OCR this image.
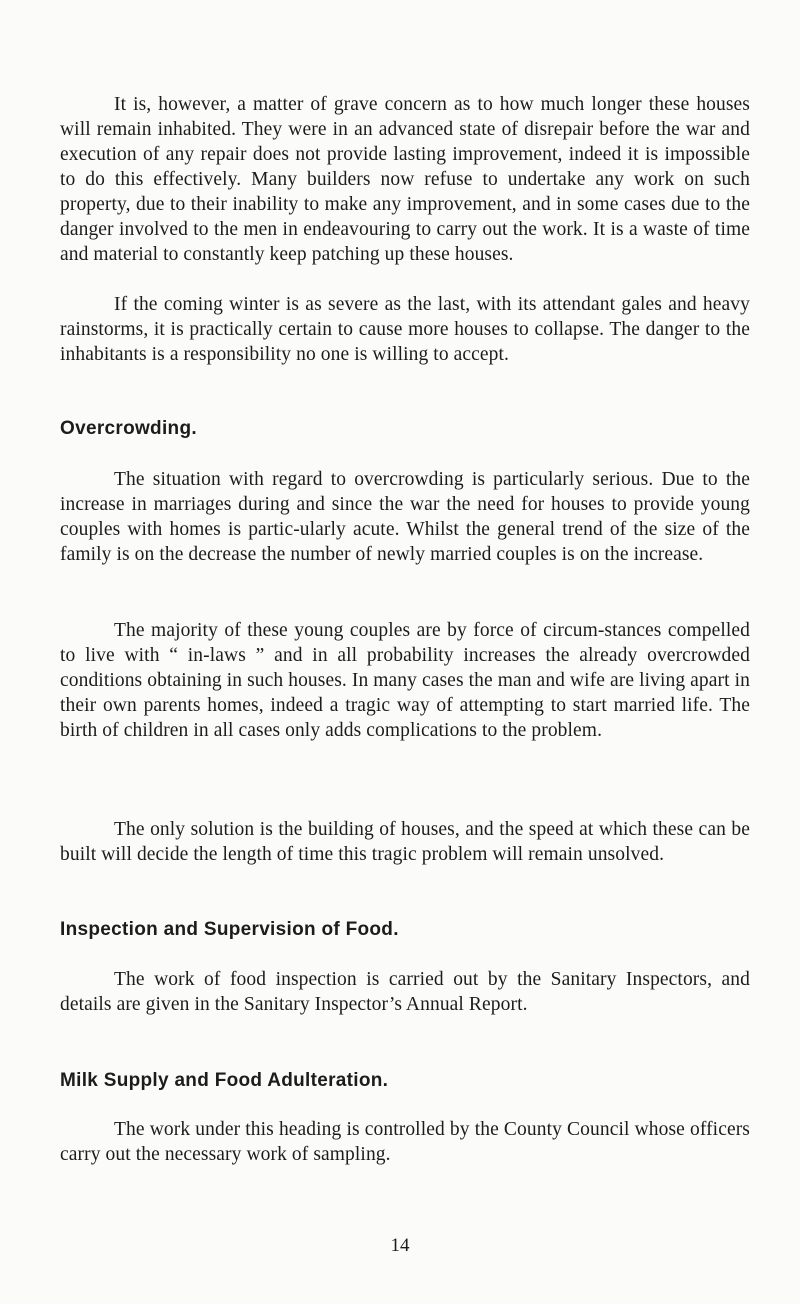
It is, however, a matter of grave concern as to how much longer these houses will remain inhabited. They were in an advanced state of disrepair before the war and execution of any repair does not provide lasting improvement, indeed it is impossible to do this effectively. Many builders now refuse to undertake any work on such property, due to their inability to make any improvement, and in some cases due to the danger involved to the men in endeavouring to carry out the work. It is a waste of time and material to constantly keep patching up these houses.

If the coming winter is as severe as the last, with its attendant gales and heavy rainstorms, it is practically certain to cause more houses to collapse. The danger to the inhabitants is a responsibility no one is willing to accept.

Overcrowding.

The situation with regard to overcrowding is particularly serious. Due to the increase in marriages during and since the war the need for houses to provide young couples with homes is partic-ularly acute. Whilst the general trend of the size of the family is on the decrease the number of newly married couples is on the increase.

The majority of these young couples are by force of circum-stances compelled to live with “ in-laws ” and in all probability increases the already overcrowded conditions obtaining in such houses. In many cases the man and wife are living apart in their own parents homes, indeed a tragic way of attempting to start married life. The birth of children in all cases only adds complications to the problem.

The only solution is the building of houses, and the speed at which these can be built will decide the length of time this tragic problem will remain unsolved.

Inspection and Supervision of Food.

The work of food inspection is carried out by the Sanitary Inspectors, and details are given in the Sanitary Inspector’s Annual Report.

Milk Supply and Food Adulteration.

The work under this heading is controlled by the County Council whose officers carry out the necessary work of sampling.

14
